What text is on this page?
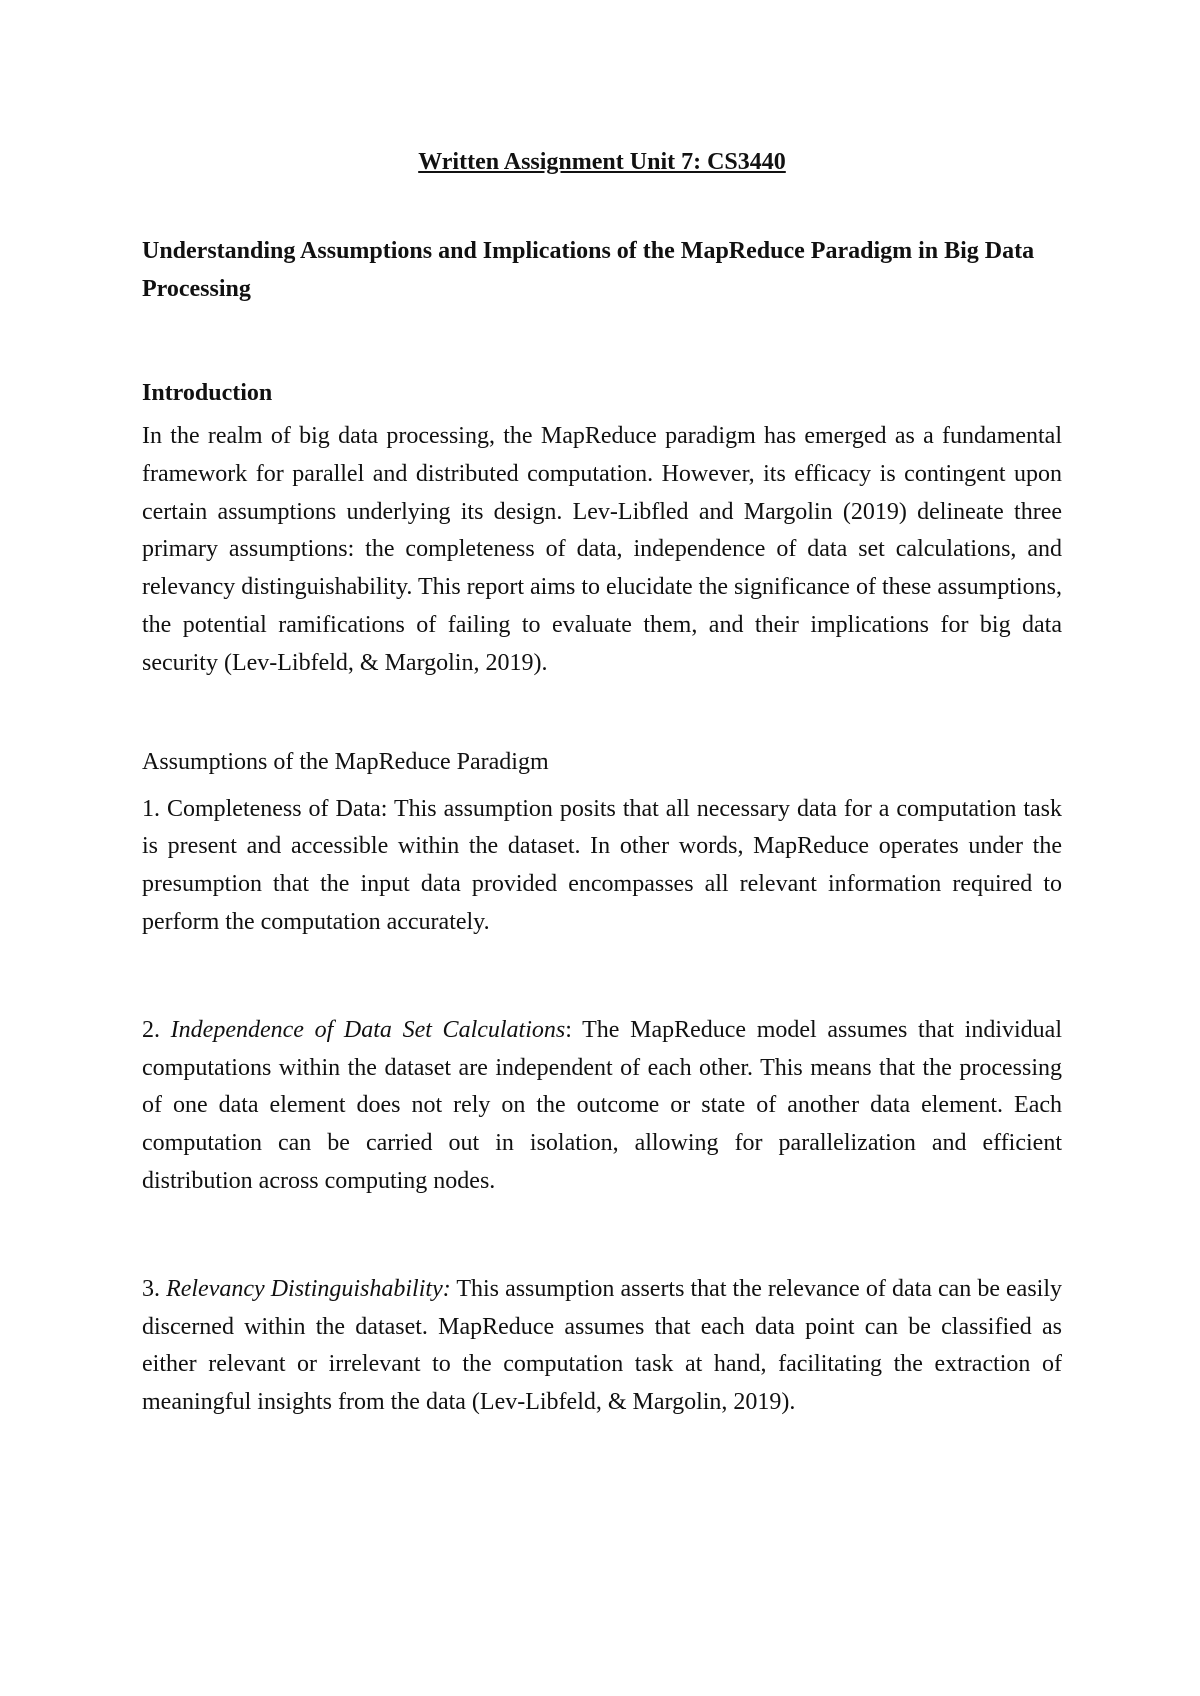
Written Assignment Unit 7: CS3440
Understanding Assumptions and Implications of the MapReduce Paradigm in Big Data Processing
Introduction

In the realm of big data processing, the MapReduce paradigm has emerged as a fundamental framework for parallel and distributed computation. However, its efficacy is contingent upon certain assumptions underlying its design. Lev-Libfled and Margolin (2019) delineate three primary assumptions: the completeness of data, independence of data set calculations, and relevancy distinguishability. This report aims to elucidate the significance of these assumptions, the potential ramifications of failing to evaluate them, and their implications for big data security (Lev-Libfeld, & Margolin, 2019).

Assumptions of the MapReduce Paradigm

1. Completeness of Data: This assumption posits that all necessary data for a computation task is present and accessible within the dataset. In other words, MapReduce operates under the presumption that the input data provided encompasses all relevant information required to perform the computation accurately.

2. Independence of Data Set Calculations: The MapReduce model assumes that individual computations within the dataset are independent of each other. This means that the processing of one data element does not rely on the outcome or state of another data element. Each computation can be carried out in isolation, allowing for parallelization and efficient distribution across computing nodes.

3. Relevancy Distinguishability: This assumption asserts that the relevance of data can be easily discerned within the dataset. MapReduce assumes that each data point can be classified as either relevant or irrelevant to the computation task at hand, facilitating the extraction of meaningful insights from the data (Lev-Libfeld, & Margolin, 2019).
